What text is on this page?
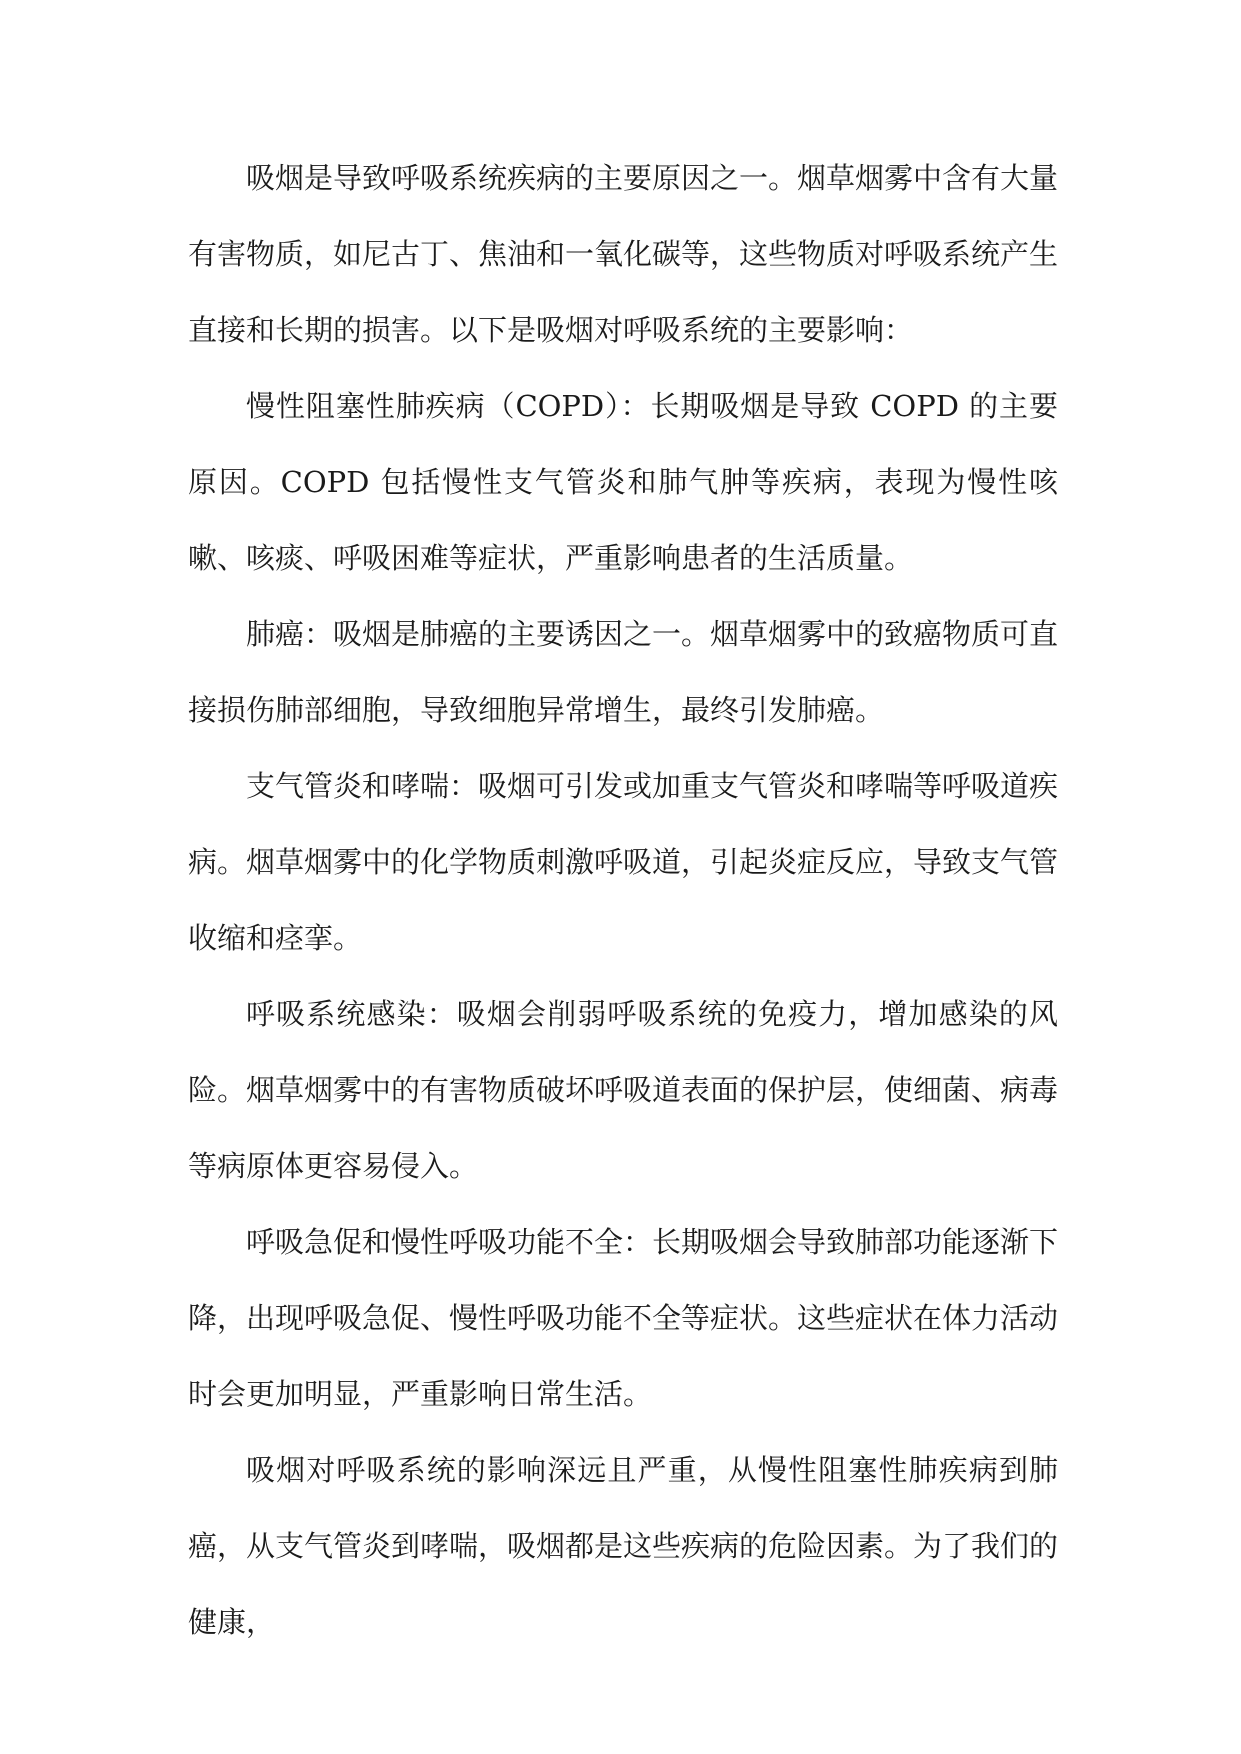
吸烟是导致呼吸系统疾病的主要原因之一。烟草烟雾中含有大量有害物质，如尼古丁、焦油和一氧化碳等，这些物质对呼吸系统产生直接和长期的损害。以下是吸烟对呼吸系统的主要影响：

慢性阻塞性肺疾病（COPD）：长期吸烟是导致 COPD 的主要原因。COPD 包括慢性支气管炎和肺气肿等疾病，表现为慢性咳嗽、咳痰、呼吸困难等症状，严重影响患者的生活质量。

肺癌：吸烟是肺癌的主要诱因之一。烟草烟雾中的致癌物质可直接损伤肺部细胞，导致细胞异常增生，最终引发肺癌。

支气管炎和哮喘：吸烟可引发或加重支气管炎和哮喘等呼吸道疾病。烟草烟雾中的化学物质刺激呼吸道，引起炎症反应，导致支气管收缩和痉挛。

呼吸系统感染：吸烟会削弱呼吸系统的免疫力，增加感染的风险。烟草烟雾中的有害物质破坏呼吸道表面的保护层，使细菌、病毒等病原体更容易侵入。

呼吸急促和慢性呼吸功能不全：长期吸烟会导致肺部功能逐渐下降，出现呼吸急促、慢性呼吸功能不全等症状。这些症状在体力活动时会更加明显，严重影响日常生活。

吸烟对呼吸系统的影响深远且严重，从慢性阻塞性肺疾病到肺癌，从支气管炎到哮喘，吸烟都是这些疾病的危险因素。为了我们的健康，
